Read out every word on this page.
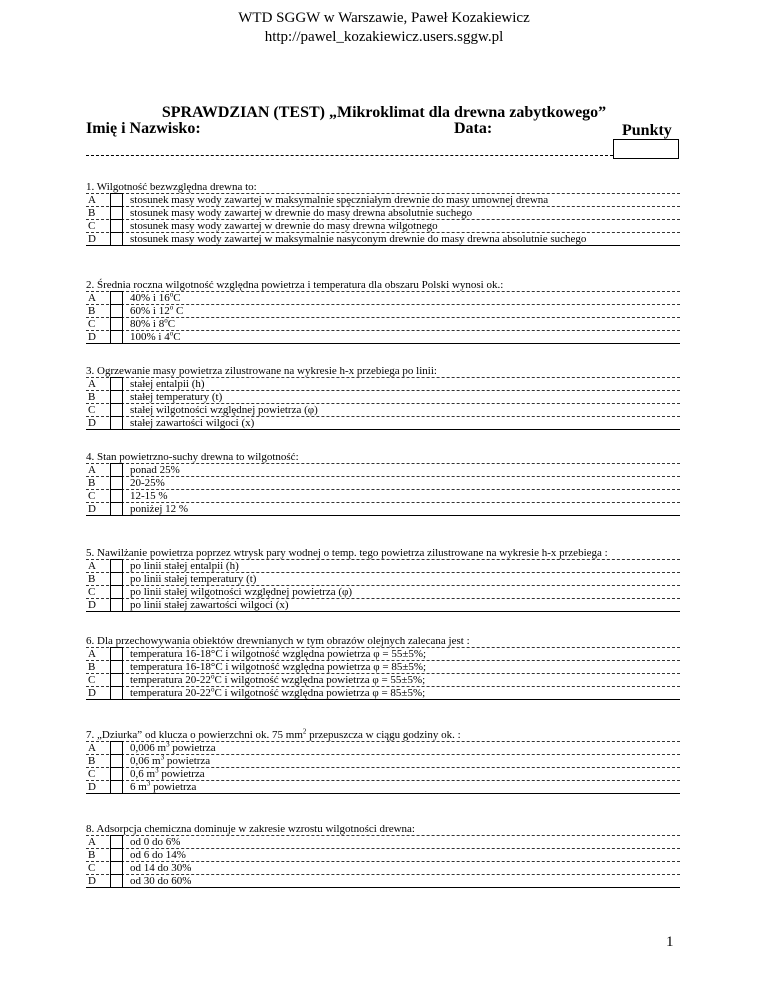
WTD SGGW w Warszawie, Paweł Kozakiewicz
http://pawel_kozakiewicz.users.sggw.pl
SPRAWDZIAN (TEST) „Mikroklimat dla drewna zabytkowego”
Imię i Nazwisko:	Data:	Punkty
1. Wilgotność bezwzględna drewna to:
A	stosunek masy wody zawartej w maksymalnie spęczniałym drewnie do masy umownej drewna
B	stosunek masy wody zawartej w drewnie do masy drewna absolutnie suchego
C	stosunek masy wody zawartej w drewnie do masy drewna wilgotnego
D	stosunek masy wody zawartej w maksymalnie nasyconym drewnie do masy drewna absolutnie suchego
2. Średnia roczna wilgotność względna powietrza i temperatura dla obszaru Polski wynosi ok.:
A	40% i 16$^o$C
B	60% i 12$^o$ C
C	80% i 8$^o$C
D	100% i 4$^o$C
3. Ogrzewanie masy powietrza zilustrowane na wykresie h-x przebiega po linii:
A	stałej entalpii (h)
B	stałej temperatury (t)
C	stałej wilgotności względnej powietrza (φ)
D	stałej zawartości wilgoci (x)
4. Stan powietrzno-suchy drewna to wilgotność:
A	ponad 25%
B	20-25%
C	12-15 %
D	poniżej 12 %
5. Nawilżanie powietrza poprzez wtrysk pary wodnej o temp. tego powietrza zilustrowane na wykresie h-x przebiega :
A	po linii stałej entalpii (h)
B	po linii stałej temperatury (t)
C	po linii stałej wilgotności względnej powietrza (φ)
D	po linii stałej zawartości wilgoci (x)
6. Dla przechowywania obiektów drewnianych w tym obrazów olejnych zalecana jest :
A	temperatura 16-18°C i wilgotność względna powietrza φ = 55±5%;
B	temperatura 16-18°C i wilgotność względna powietrza φ = 85±5%;
C	temperatura 20-22$^o$C i wilgotność względna powietrza φ = 55±5%;
D	temperatura 20-22$^o$C i wilgotność względna powietrza φ = 85±5%;
7. „Dziurka” od klucza o powierzchni ok. 75 $mm^2$ przepuszcza w ciągu godziny ok. :
A	0,006 $m^3$ powietrza
B	0,06 $m^3$ powietrza
C	0,6 $m^3$ powietrza
D	6 $m^3$ powietrza
8. Adsorpcja chemiczna dominuje w zakresie wzrostu wilgotności drewna:
A	od 0 do 6%
B	od 6 do 14%
C	od 14 do 30%
D	od 30 do 60%
1
